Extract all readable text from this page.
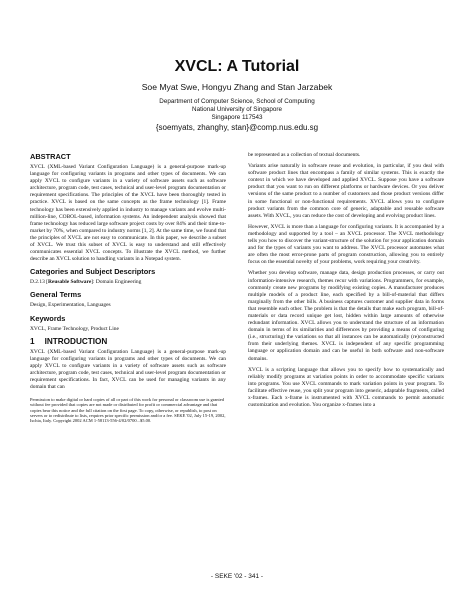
XVCL: A Tutorial
Soe Myat Swe, Hongyu Zhang and Stan Jarzabek
Department of Computer Science, School of Computing
National University of Singapore
Singapore 117543
{soemyats, zhanghy, stan}@comp.nus.edu.sg
ABSTRACT

XVCL (XML-based Variant Configuration Language) is a general-purpose mark-up language for configuring variants in programs and other types of documents. We can apply XVCL to configure variants in a variety of software assets such as software architecture, program code, test cases, technical and user-level program documentation or requirement specifications. The principles of the XVCL have been thoroughly tested in practice. XVCL is based on the same concepts as the frame technology [1]. Frame technology has been extensively applied in industry to manage variants and evolve multi-million-line, COBOL-based, information systems. An independent analysis showed that frame technology has reduced large software project costs by over 84% and their time-to-market by 70%, when compared to industry norms [1, 2]. At the same time, we found that the principles of XVCL are not easy to communicate. In this paper, we describe a subset of XVCL. We trust this subset of XVCL is easy to understand and still effectively communicates essential XVCL concepts. To illustrate the XVCL method, we further describe an XVCL solution to handling variants in a Notepad system.

Categories and Subject Descriptors

D.2.13 [Reusable Software]: Domain Engineering

General Terms

Design, Experimentation, Languages

Keywords

XVCL, Frame Technology, Product Line

1 INTRODUCTION

XVCL (XML-based Variant Configuration Language) is a general-purpose mark-up language for configuring variants in programs and other types of documents. We can apply XVCL to configure variants in a variety of software assets such as software architecture, program code, test cases, technical and user-level program documentation or requirement specifications. In fact, XVCL can be used for managing variants in any domain that can

Permission to make digital or hard copies of all or part of this work for personal or classroom use is granted without fee provided that copies are not made or distributed for profit or commercial advantage and that copies bear this notice and the full citation on the first page. To copy, otherwise, or republish, to post on servers or to redistribute to lists, requires prior specific permission and/or a fee. SEKE '02, July 15-19, 2002, Ischia, Italy. Copyright 2002 ACM 1-58113-556-4/02/0700...$5.00.

be represented as a collection of textual documents.

Variants arise naturally in software reuse and evolution, in particular, if you deal with software product lines that encompass a family of similar systems. This is exactly the context in which we have developed and applied XVCL. Suppose you have a software product that you want to run on different platforms or hardware devices. Or you deliver versions of the same product to a number of customers and those product versions differ in some functional or non-functional requirements. XVCL allows you to configure product variants from the common core of generic, adaptable and reusable software assets. With XVCL, you can reduce the cost of developing and evolving product lines.

However, XVCL is more than a language for configuring variants. It is accompanied by a methodology and supported by a tool – an XVCL processor. The XVCL methodology tells you how to discover the variant-structure of the solution for your application domain and for the types of variants you want to address. The XVCL processor automates what are often the most error-prone parts of program construction, allowing you to entirely focus on the essential novelty of your problems, work requiring your creativity.

Whether you develop software, manage data, design production processes, or carry out information-intensive research, themes recur with variations. Programmers, for example, commonly create new programs by modifying existing copies. A manufacturer produces multiple models of a product line, each specified by a bill-of-material that differs marginally from the other bills. A business captures customer and supplier data in forms that resemble each other. The problem is that the details that make each program, bill-of-materials or data record unique get lost, hidden within large amounts of otherwise redundant information. XVCL allows you to understand the structure of an information domain in terms of its similarities and differences by providing a means of configuring (i.e., structuring) the variations so that all instances can be automatically (re)constructed from their underlying themes. XVCL is independent of any specific programming language or application domain and can be useful in both software and non-software domains.

XVCL is a scripting language that allows you to specify how to systematically and reliably modify programs at variation points in order to accommodate specific variants into programs. You use XVCL commands to mark variation points in your program. To facilitate effective reuse, you split your program into generic, adaptable fragments, called x-frames. Each x-frame is instrumented with XVCL commands to permit automatic customization and evolution. You organize x-frames into a

- SEKE '02 - 341 -
